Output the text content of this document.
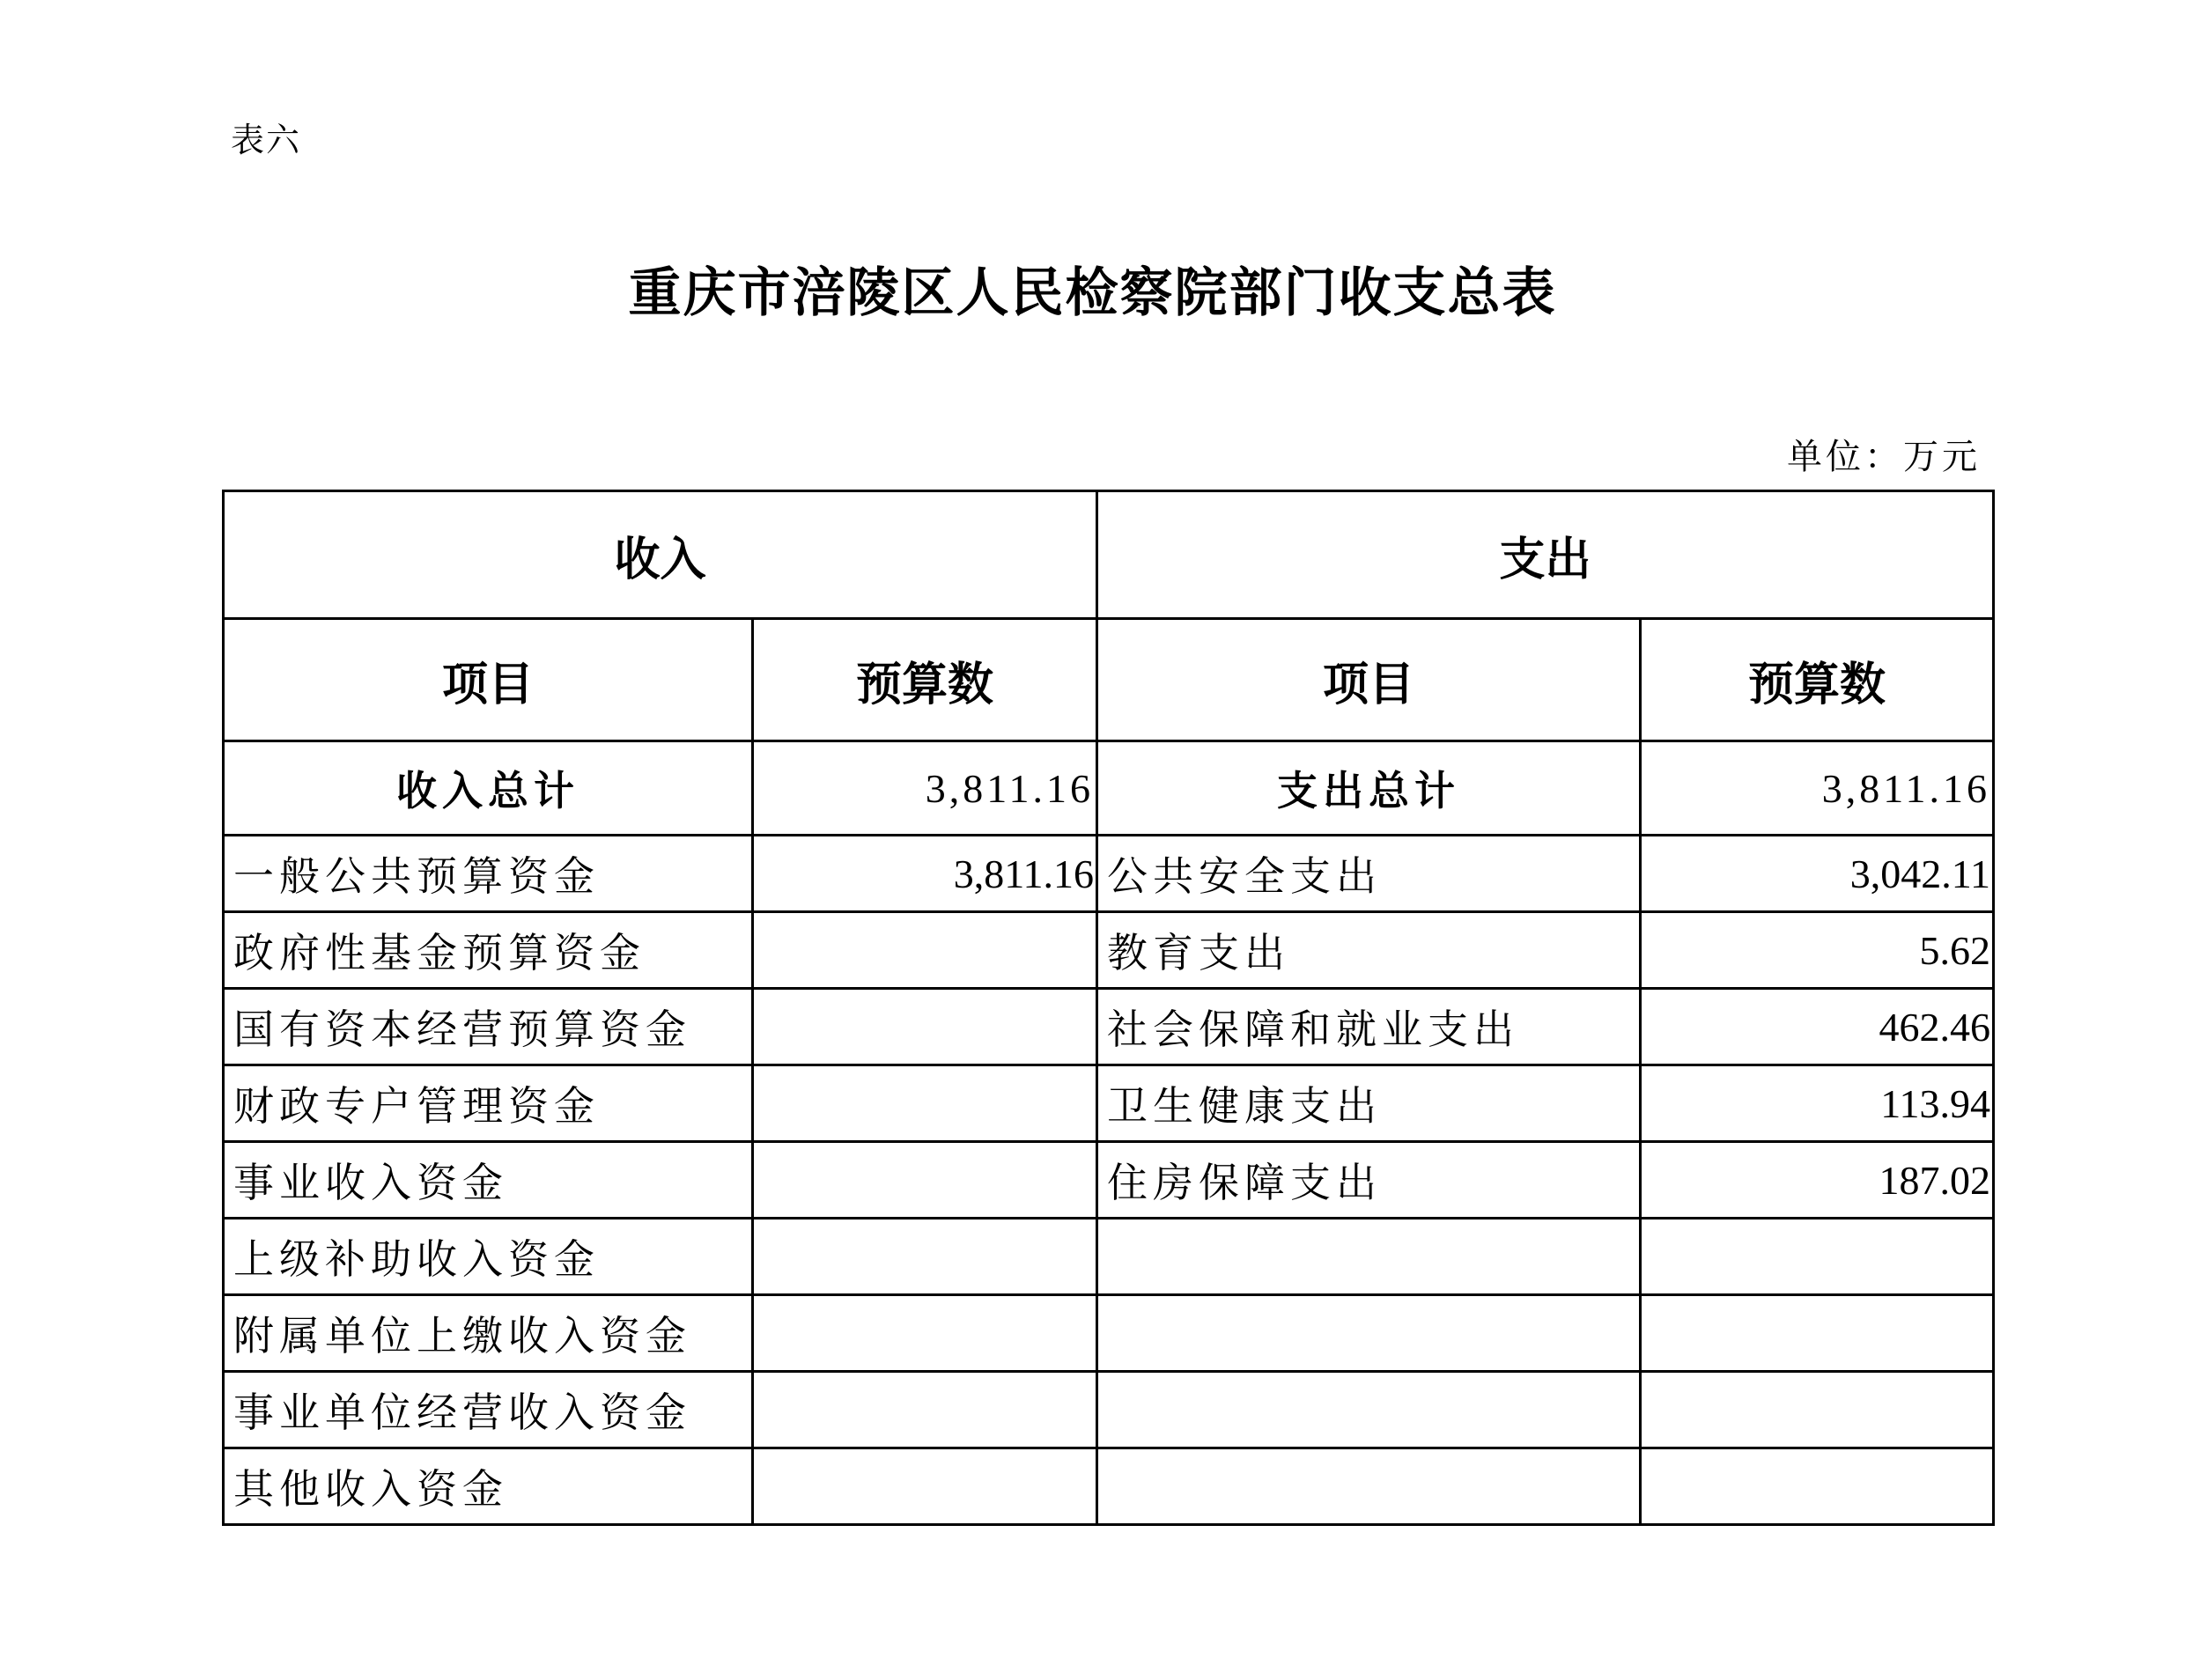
表六
重庆市涪陵区人民检察院部门收支总表
单位：万元
收入		支出	
项目	预算数	项目	预算数
收入总计	3,811.16	支出总计	3,811.16
一般公共预算资金	3,811.16	公共安全支出	3,042.11
政府性基金预算资金		教育支出	5.62
国有资本经营预算资金		社会保障和就业支出	462.46
财政专户管理资金		卫生健康支出	113.94
事业收入资金		住房保障支出	187.02
上级补助收入资金			
附属单位上缴收入资金			
事业单位经营收入资金			
其他收入资金			
